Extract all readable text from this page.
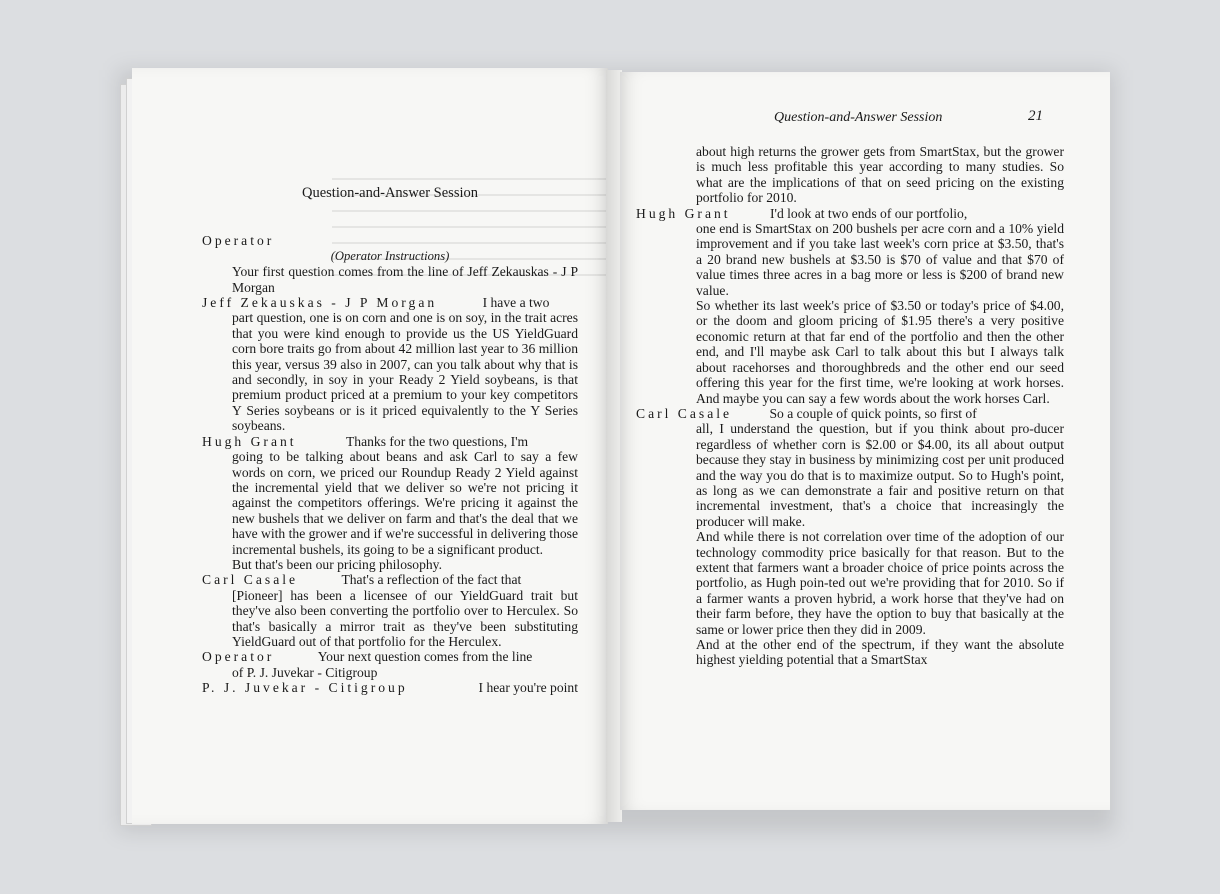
Question-and-Answer Session

Operator

(Operator Instructions)

Your first question comes from the line of Jeff Zekauskas - J P Morgan

Jeff Zekauskas - J P Morgan	I have a two

part question, one is on corn and one is on soy, in the trait acres that you were kind enough to provide us the US YieldGuard corn bore traits go from about 42 million last year to 36 million this year, versus 39 also in 2007, can you talk about why that is and secondly, in soy in your Ready 2 Yield soybeans, is that premium product priced at a premium to your key competitors Y Series soybeans or is it priced equivalently to the Y Series soybeans.

Hugh Grant	Thanks for the two questions, I'm

going to be talking about beans and ask Carl to say a few words on corn, we priced our Roundup Ready 2 Yield against the incremental yield that we deliver so we're not pricing it against the competitors offerings. We're pricing it against the new bushels that we deliver on farm and that's the deal that we have with the grower and if we're successful in delivering those incremental bushels, its going to be a significant product.

But that's been our pricing philosophy.

Carl Casale	That's a reflection of the fact that

[Pioneer] has been a licensee of our YieldGuard trait but they've also been converting the portfolio over to Herculex. So that's basically a mirror trait as they've been substituting YieldGuard out of that portfolio for the Herculex.

Operator	Your next question comes from the line

of P. J. Juvekar - Citigroup

P. J. Juvekar - Citigroup	I hear you're point

Question-and-Answer Session	21

about high returns the grower gets from SmartStax, but the grower is much less profitable this year according to many studies. So what are the implications of that on seed pricing on the existing portfolio for 2010.

Hugh Grant	I'd look at two ends of our portfolio,

one end is SmartStax on 200 bushels per acre corn and a 10% yield improvement and if you take last week's corn price at $3.50, that's a 20 brand new bushels at $3.50 is $70 of value and that $70 of value times three acres in a bag more or less is $200 of brand new value.

So whether its last week's price of $3.50 or today's price of $4.00, or the doom and gloom pricing of $1.95 there's a very positive economic return at that far end of the portfolio and then the other end, and I'll maybe ask Carl to talk about this but I always talk about racehorses and thoroughbreds and the other end our seed offering this year for the first time, we're looking at work horses. And maybe you can say a few words about the work horses Carl.

Carl Casale	So a couple of quick points, so first of

all, I understand the question, but if you think about pro-ducer regardless of whether corn is $2.00 or $4.00, its all about output because they stay in business by minimizing cost per unit produced and the way you do that is to maximize output. So to Hugh's point, as long as we can demonstrate a fair and positive return on that incremental investment, that's a choice that increasingly the producer will make.

And while there is not correlation over time of the adoption of our technology commodity price basically for that reason. But to the extent that farmers want a broader choice of price points across the portfolio, as Hugh poin-ted out we're providing that for 2010. So if a farmer wants a proven hybrid, a work horse that they've had on their farm before, they have the option to buy that basically at the same or lower price then they did in 2009.

And at the other end of the spectrum, if they want the absolute highest yielding potential that a SmartStax
